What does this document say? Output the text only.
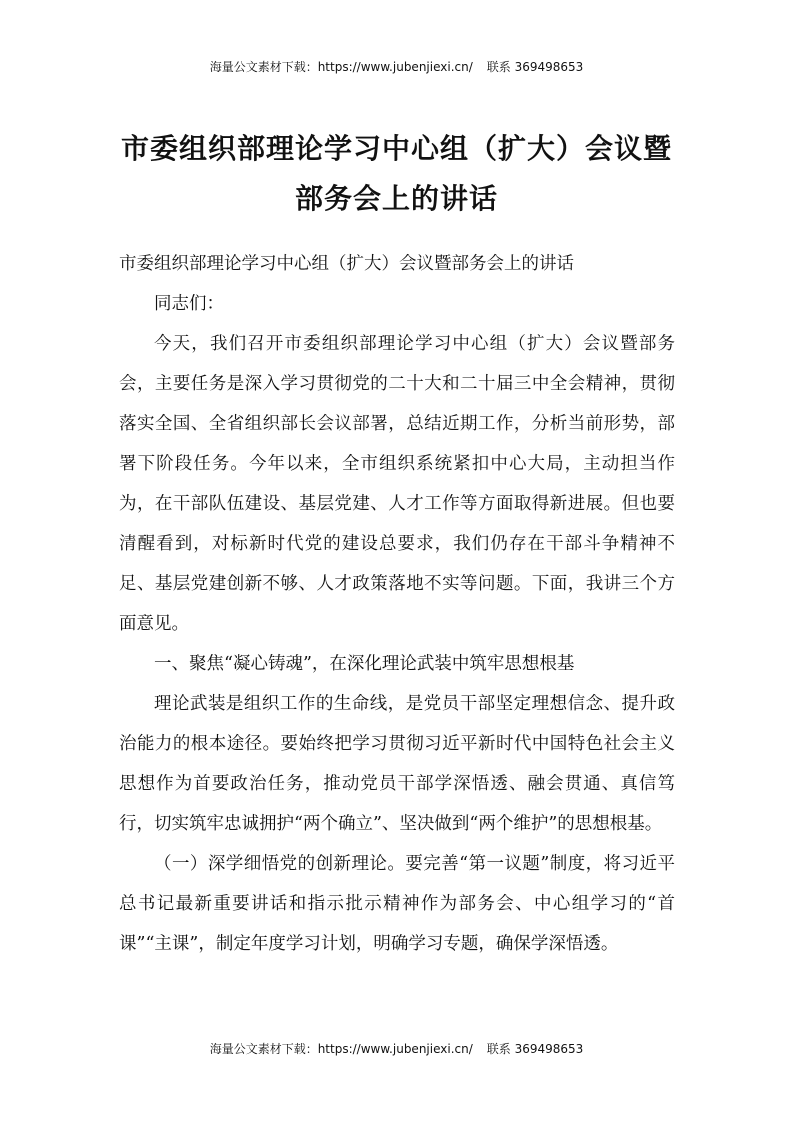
海量公文素材下载：https://www.jubenjiexi.cn/ 联系 369498653
市委组织部理论学习中心组（扩大）会议暨
部务会上的讲话

市委组织部理论学习中心组（扩大）会议暨部务会上的讲话

同志们：

今天，我们召开市委组织部理论学习中心组（扩大）会议暨部务会，主要任务是深入学习贯彻党的二十大和二十届三中全会精神，贯彻落实全国、全省组织部长会议部署，总结近期工作，分析当前形势，部署下阶段任务。今年以来，全市组织系统紧扣中心大局，主动担当作为，在干部队伍建设、基层党建、人才工作等方面取得新进展。但也要清醒看到，对标新时代党的建设总要求，我们仍存在干部斗争精神不足、基层党建创新不够、人才政策落地不实等问题。下面，我讲三个方面意见。

一、聚焦“凝心铸魂”，在深化理论武装中筑牢思想根基

理论武装是组织工作的生命线，是党员干部坚定理想信念、提升政治能力的根本途径。要始终把学习贯彻习近平新时代中国特色社会主义思想作为首要政治任务，推动党员干部学深悟透、融会贯通、真信笃行，切实筑牢忠诚拥护“两个确立”、坚决做到“两个维护”的思想根基。

（一）深学细悟党的创新理论。要完善“第一议题”制度，将习近平总书记最新重要讲话和指示批示精神作为部务会、中心组学习的“首课”“主课”，制定年度学习计划，明确学习专题，确保学深悟透。

海量公文素材下载：https://www.jubenjiexi.cn/ 联系 369498653
